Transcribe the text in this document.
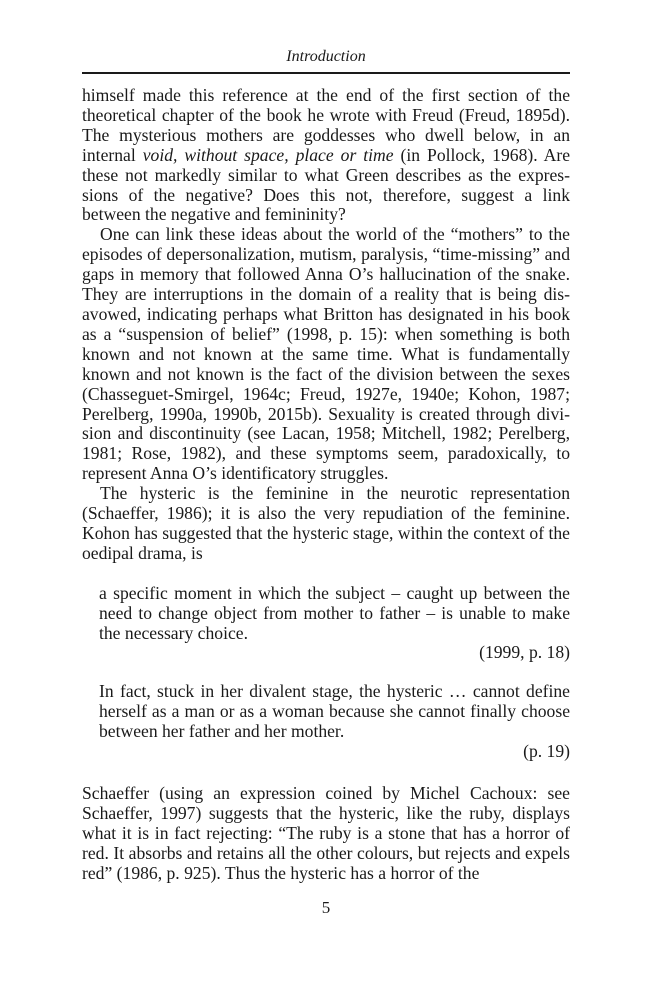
Introduction

himself made this reference at the end of the first section of the theoretical chapter of the book he wrote with Freud (Freud, 1895d). The mysterious mothers are goddesses who dwell below, in an internal void, without space, place or time (in Pollock, 1968). Are these not markedly similar to what Green describes as the expressions of the negative? Does this not, therefore, suggest a link between the negative and femininity?

One can link these ideas about the world of the “mothers” to the episodes of depersonalization, mutism, paralysis, “time-missing” and gaps in memory that followed Anna O’s hallucination of the snake. They are interruptions in the domain of a reality that is being disavowed, indicating perhaps what Britton has designated in his book as a “suspension of belief” (1998, p. 15): when something is both known and not known at the same time. What is fundamentally known and not known is the fact of the division between the sexes (Chasseguet-Smirgel, 1964c; Freud, 1927e, 1940e; Kohon, 1987; Perelberg, 1990a, 1990b, 2015b). Sexuality is created through division and discontinuity (see Lacan, 1958; Mitchell, 1982; Perelberg, 1981; Rose, 1982), and these symptoms seem, paradoxically, to represent Anna O’s identificatory struggles.

The hysteric is the feminine in the neurotic representation (Schaeffer, 1986); it is also the very repudiation of the feminine. Kohon has suggested that the hysteric stage, within the context of the oedipal drama, is

a specific moment in which the subject – caught up between the need to change object from mother to father – is unable to make the necessary choice.

(1999, p. 18)

In fact, stuck in her divalent stage, the hysteric … cannot define herself as a man or as a woman because she cannot finally choose between her father and her mother.

(p. 19)

Schaeffer (using an expression coined by Michel Cachoux: see Schaeffer, 1997) suggests that the hysteric, like the ruby, displays what it is in fact rejecting: “The ruby is a stone that has a horror of red. It absorbs and retains all the other colours, but rejects and expels red” (1986, p. 925). Thus the hysteric has a horror of the

5
